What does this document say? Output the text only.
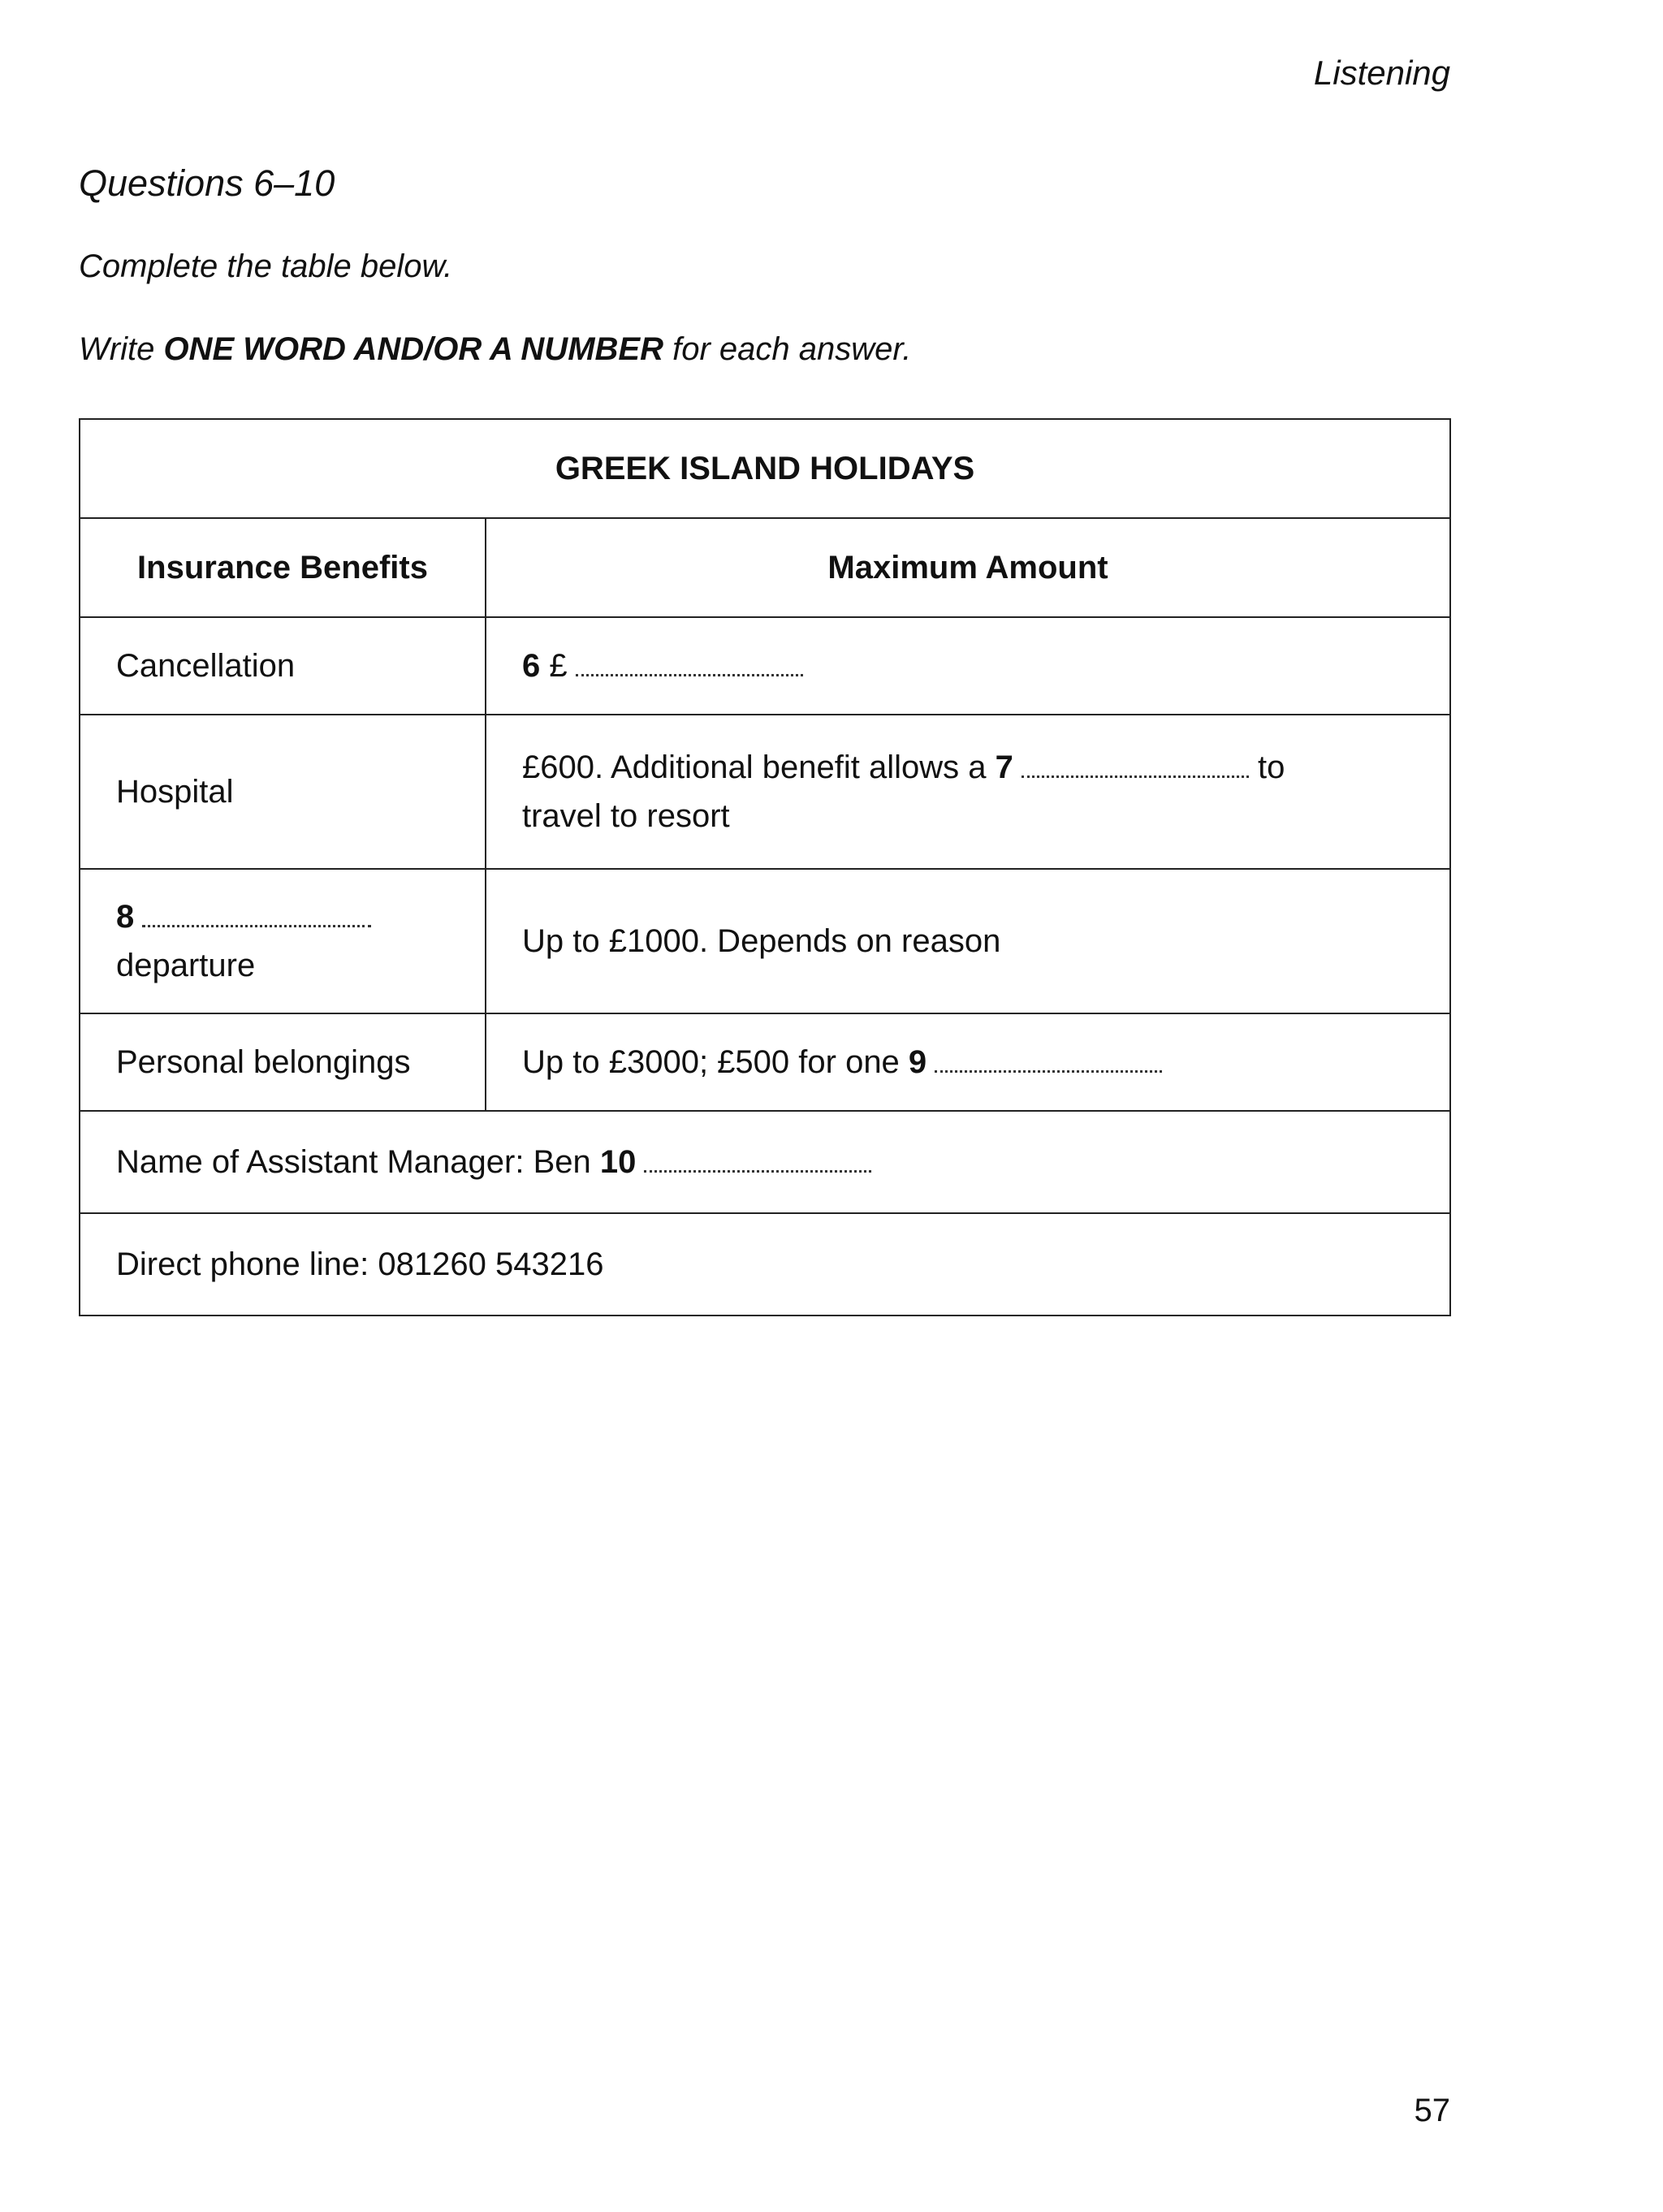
Listening
Questions 6–10
Complete the table below.
Write ONE WORD AND/OR A NUMBER for each answer.
GREEK ISLAND HOLIDAYS	
Insurance Benefits	Maximum Amount
Cancellation	6 £
Hospital	£600. Additional benefit allows a 7 to
travel to resort
8
departure	Up to £1000. Depends on reason
Personal belongings	Up to £3000; £500 for one 9
Name of Assistant Manager: Ben 10	
Direct phone line: 081260 543216	
57
